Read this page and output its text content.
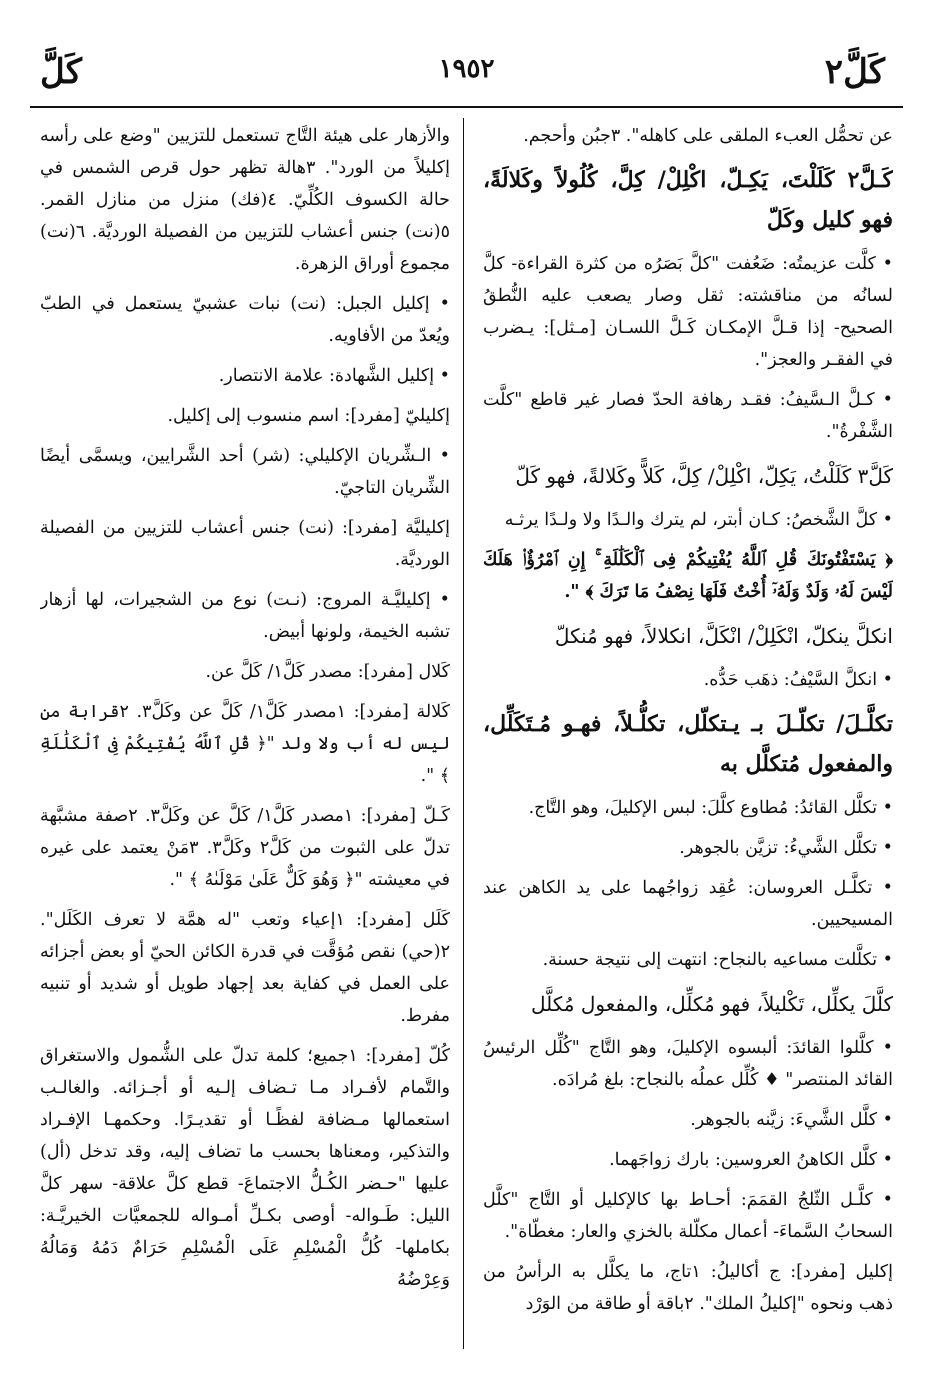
كَلَّ٢
١٩٥٢
كَلَّ

عن تحمُّل العبء الملقى على كاهله". ٣جبُن وأحجم.

كَـلَّ٢ كَلَلْتَ، يَكِـلّ، اكْلِلْ/ كِلَّ، كُلُولاً وكَلالَةً، فهو كليل وكَلّ

• كلَّت عزيمتُه: ضَعُفت "كلَّ بَصَرُه من كثرة القراءة- كلَّ لسانُه من مناقشته: ثقل وصار يصعب عليه النُّطقُ الصحيح- إذا قـلَّ الإمكـان كَـلَّ اللسـان [مـثل]: يـضرب في الفقـر والعجز".

• كـلَّ الـسَّيفُ: فقـد رهافة الحدّ فصار غير قاطع "كلَّت الشَّفْرةُ".

كَلَّ٣ كَلَلْتُ، يَكِلّ، اكْلِلْ/ كِلَّ، كَلاًّ وكَلالةً، فهو كَلّ

• كلَّ الشَّخصُ: كـان أبتر، لم يترك والـدًا ولا ولـدًا يرثـه

﴿ يَسْتَفْتُونَكَ قُلِ ٱللَّهُ يُفْتِيكُمْ فِى ٱلْكَلَٰلَةِ ۚ إِنِ ٱمْرُؤٌا۟ هَلَكَ لَيْسَ لَهُۥ وَلَدٌ وَلَهُۥٓ أُخْتٌ فَلَهَا نِصْفُ مَا تَرَكَ ﴾ ".

انكلَّ ينكلّ، انْكَلِلْ/ انْكَلَّ، انكلالاً، فهو مُنكلّ

• انكلَّ السَّيْفُ: ذهَب حَدُّه.

تكلَّـلَ/ تكلّـلَ بـ يـتكلّل، تكلُّـلاً، فهـو مُـتَكَلِّل، والمفعول مُتكلَّل به

• تكلَّل القائدُ: مُطاوع كلَّلَ: لبس الإكليلَ، وهو التَّاج.

• تكلَّل الشَّيءُ: تزيَّن بالجوهر.

• تكلَّـل العروسان: عُقِد زواجُهما على يد الكاهن عند المسيحيين.

• تكلَّلت مساعيه بالنجاح: انتهت إلى نتيجة حسنة.

كلَّلَ يكلِّل، تَكْليلاً، فهو مُكلِّل، والمفعول مُكلَّل

• كلَّلوا القائدَ: ألبسوه الإكليلَ، وهو التَّاج "كُلِّل الرئيسُ القائد المنتصر" ♦ كُلِّل عملُه بالنجاح: بلغ مُرادَه.

• كلَّل الشَّيءَ: زيَّنه بالجوهر.

• كلَّل الكاهنُ العروسين: بارك زواجَهما.

• كلَّـل الثّلجُ القمَمَ: أحـاط بها كالإكليل أو التَّاج "كلَّل السحابُ السَّماءَ- أعمال مكلّلة بالخزي والعار: مغطّاة".

إكليل [مفرد]: ج أكاليلُ: ١تاج، ما يكلَّل به الرأسُ من ذهب ونحوه "إكليلُ الملك". ٢باقة أو طاقة من الوَرْد

والأزهار على هيئة التَّاج تستعمل للتزيين "وضع على رأسه إكليلاً من الورد". ٣هالة تظهر حول قرص الشمس في حالة الكسوف الكُلِّيّ. ٤(فك) منزل من منازل القمر. ٥(نت) جنس أعشاب للتزيين من الفصيلة الورديَّة. ٦(نت) مجموع أوراق الزهرة.

• إكليل الجبل: (نت) نبات عشبيّ يستعمل في الطبّ ويُعدّ من الأفاويه.

• إكليل الشَّهادة: علامة الانتصار.

إكليليّ [مفرد]: اسم منسوب إلى إكليل.

• الـشِّريان الإكليلي: (شر) أحد الشَّرايين، ويسمَّى أيضًا الشِّريان التاجيّ.

إكليليَّة [مفرد]: (نت) جنس أعشاب للتزيين من الفصيلة الورديَّة.

• إكليليَّـة المروج: (نـت) نوع من الشجيرات، لها أزهار تشبه الخيمة، ولونها أبيض.

كَلال [مفرد]: مصدر كَلَّ١/ كَلَّ عن.

كَلالة [مفرد]: ١مصدر كَلَّ١/ كَلَّ عن وكَلَّ٣. ٢قرابة من ليس له أب ولا ولد "﴿ قُلِ ٱللَّهُ يُفْتِيكُمْ فِى ٱلْكَلَٰلَةِ ﴾ ".

كَـلّ [مفرد]: ١مصدر كَلَّ١/ كَلَّ عن وكَلَّ٣. ٢صفة مشبَّهة تدلّ على الثبوت من كَلَّ٢ وكَلَّ٣. ٣مَنْ يعتمد على غيره في معيشته "﴿ وَهُوَ كَلٌّ عَلَىٰ مَوْلَىٰهُ ﴾ ".

كَلَل [مفرد]: ١إعياء وتعب "له همَّة لا تعرف الكَلَل". ٢(حي) نقص مُؤقَّت في قدرة الكائن الحيّ أو بعض أجزائه على العمل في كفاية بعد إجهاد طويل أو شديد أو تنبيه مفرط.

كُلّ [مفرد]: ١جميع؛ كلمة تدلّ على الشُّمول والاستغراق والتَّمام لأفـراد مـا تـضاف إلـيه أو أجـزائه. والغالـب استعمالها مـضافة لفظًـا أو تقديـرًا. وحكمهـا الإفـراد والتذكير، ومعناها بحسب ما تضاف إليه، وقد تدخل (أل) عليها "حـضر الكُـلُّ الاجتماعَ- قطع كلَّ علاقة- سهر كلَّ الليل: طَـواله- أوصى بكـلِّ أمـواله للجمعيَّات الخيريَّـة: بكاملها- كُلُّ الْمُسْلِمِ عَلَى الْمُسْلِمِ حَرَامٌ دَمُهُ وَمَالُهُ وَعِرْضُهُ
